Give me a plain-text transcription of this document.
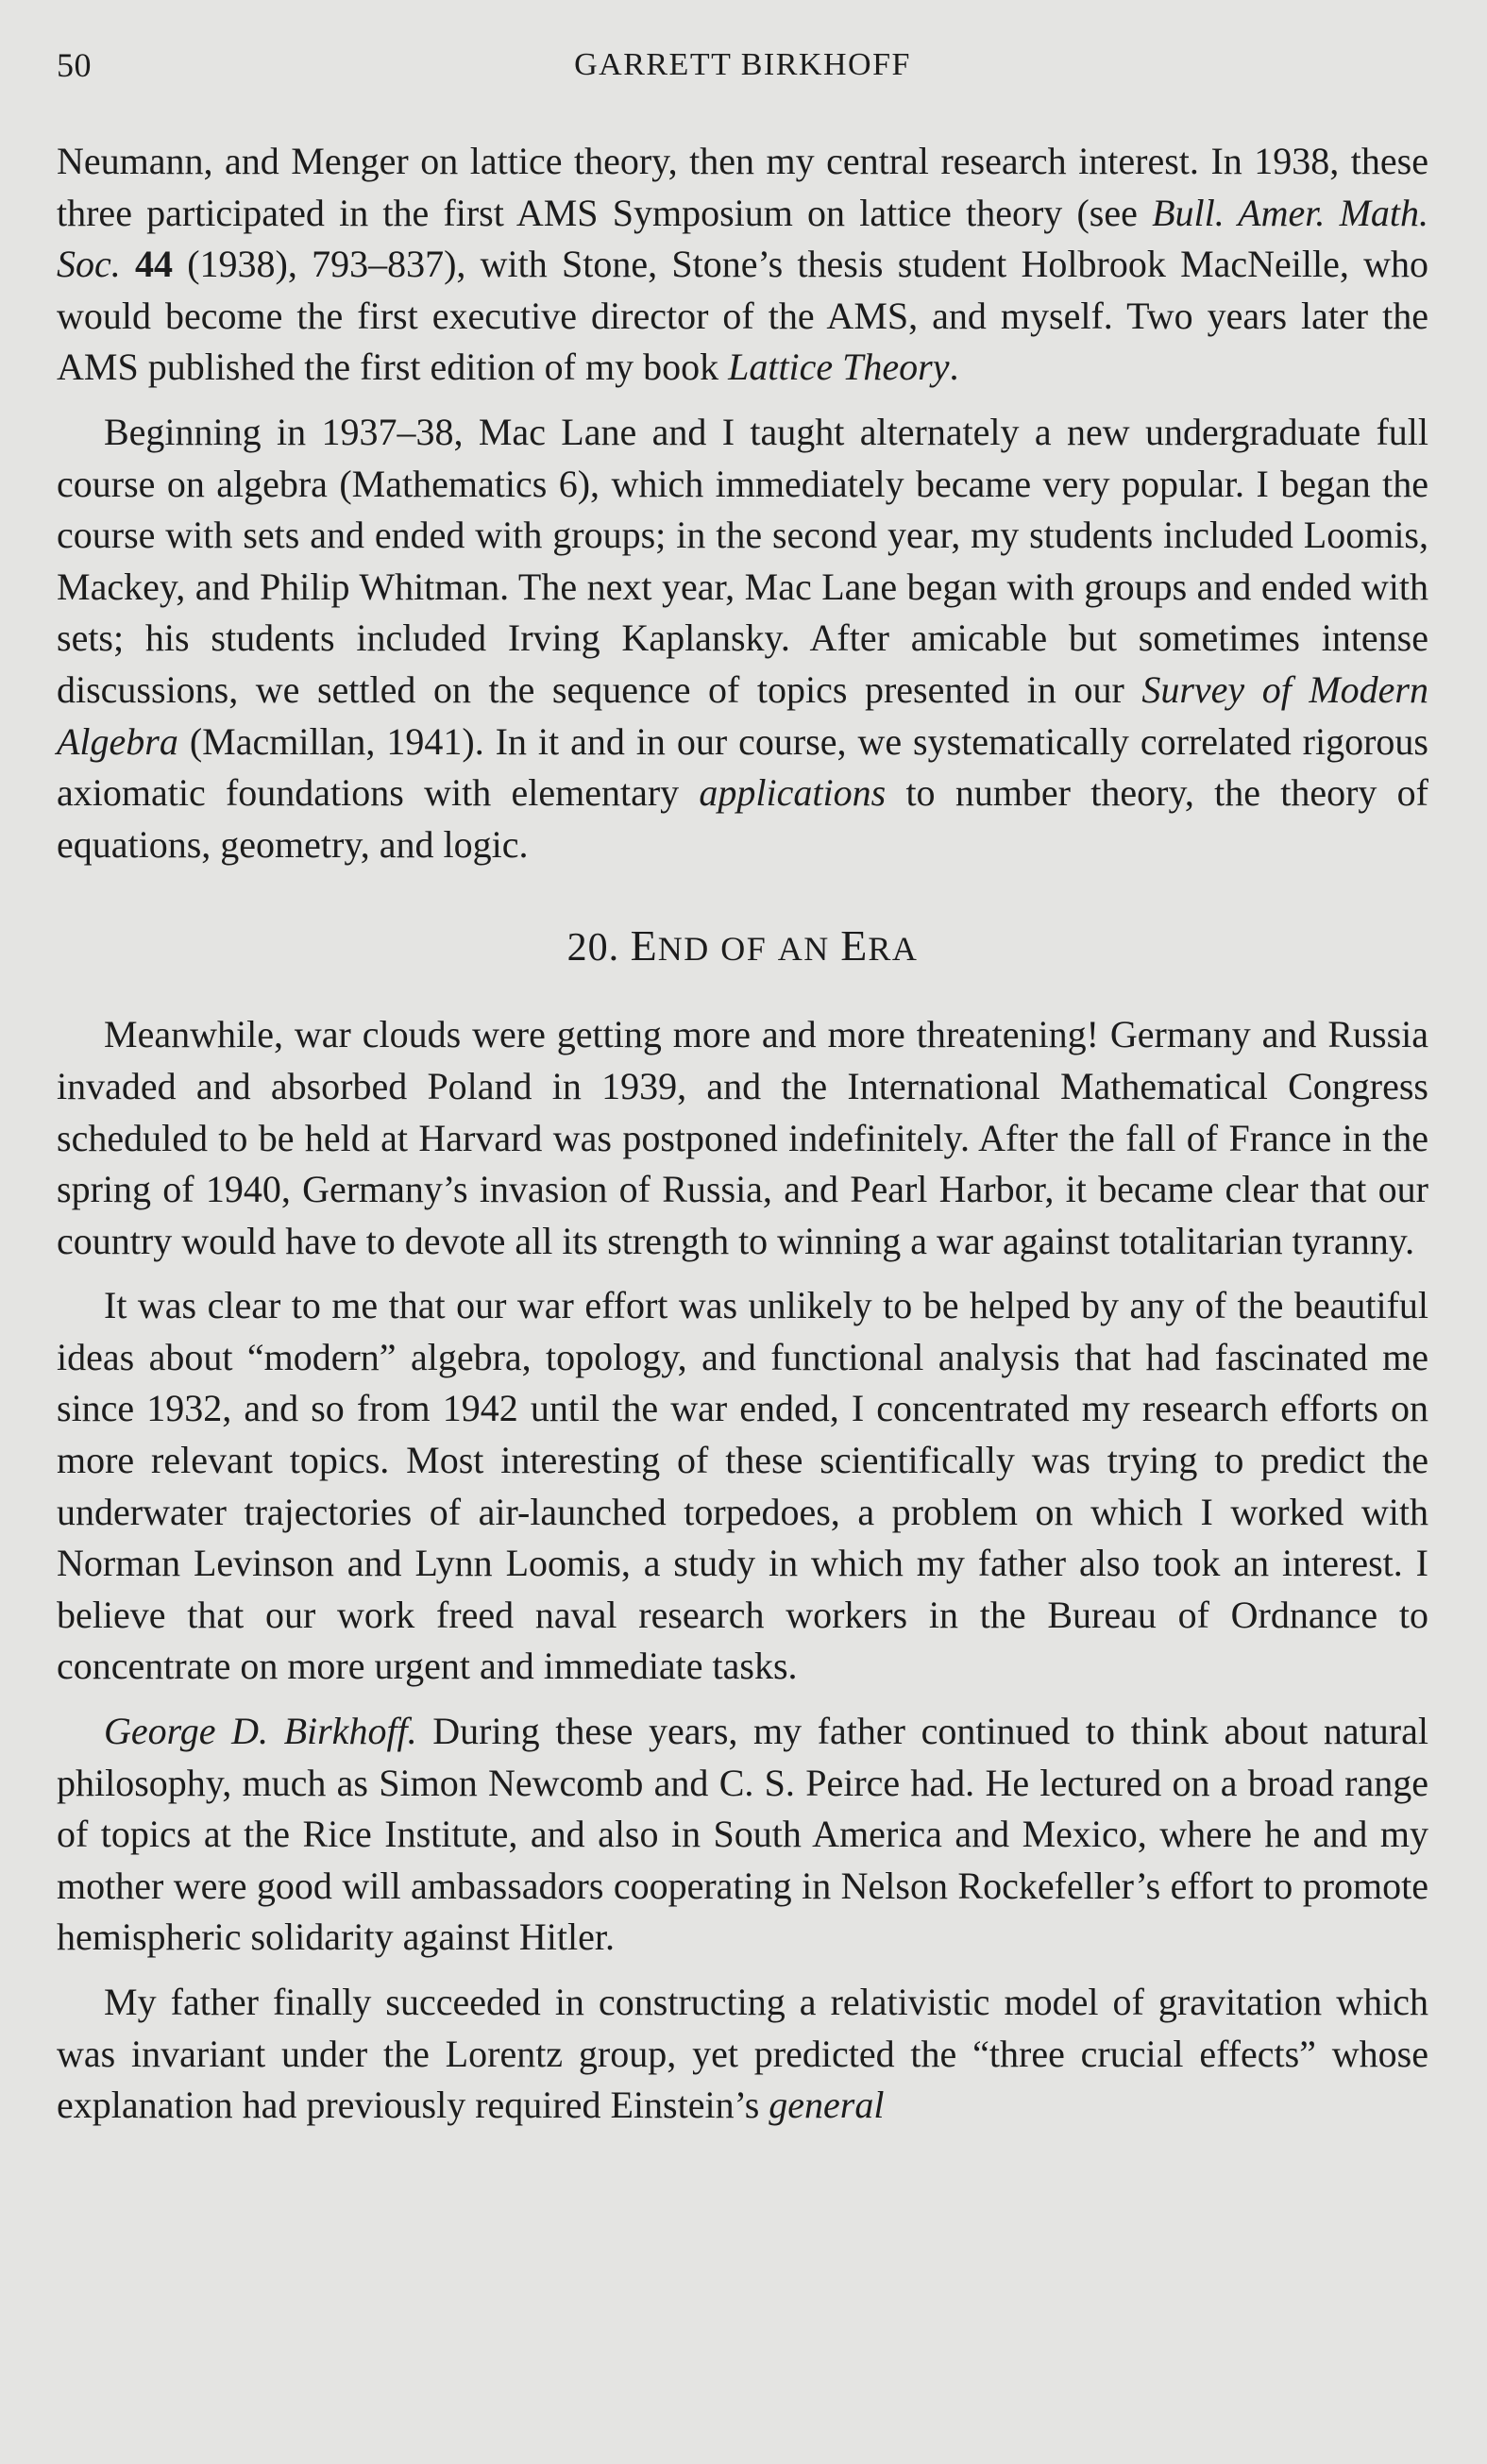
50	GARRETT BIRKHOFF

Neumann, and Menger on lattice theory, then my central research interest. In 1938, these three participated in the first AMS Symposium on lattice theory (see Bull. Amer. Math. Soc. 44 (1938), 793–837), with Stone, Stone’s thesis student Holbrook MacNeille, who would become the first executive director of the AMS, and myself. Two years later the AMS published the first edition of my book Lattice Theory.

Beginning in 1937–38, Mac Lane and I taught alternately a new undergraduate full course on algebra (Mathematics 6), which immediately became very popular. I began the course with sets and ended with groups; in the second year, my students included Loomis, Mackey, and Philip Whitman. The next year, Mac Lane began with groups and ended with sets; his students included Irving Kaplansky. After amicable but sometimes intense discussions, we settled on the sequence of topics presented in our Survey of Modern Algebra (Macmillan, 1941). In it and in our course, we systematically correlated rigorous axiomatic foundations with elementary applications to number theory, the theory of equations, geometry, and logic.

20. END OF AN ERA

Meanwhile, war clouds were getting more and more threatening! Germany and Russia invaded and absorbed Poland in 1939, and the International Mathematical Congress scheduled to be held at Harvard was postponed indefinitely. After the fall of France in the spring of 1940, Germany’s invasion of Russia, and Pearl Harbor, it became clear that our country would have to devote all its strength to winning a war against totalitarian tyranny.

It was clear to me that our war effort was unlikely to be helped by any of the beautiful ideas about “modern” algebra, topology, and functional analysis that had fascinated me since 1932, and so from 1942 until the war ended, I concentrated my research efforts on more relevant topics. Most interesting of these scientifically was trying to predict the underwater trajectories of air-launched torpedoes, a problem on which I worked with Norman Levinson and Lynn Loomis, a study in which my father also took an interest. I believe that our work freed naval research workers in the Bureau of Ordnance to concentrate on more urgent and immediate tasks.

George D. Birkhoff. During these years, my father continued to think about natural philosophy, much as Simon Newcomb and C. S. Peirce had. He lectured on a broad range of topics at the Rice Institute, and also in South America and Mexico, where he and my mother were good will ambassadors cooperating in Nelson Rockefeller’s effort to promote hemispheric solidarity against Hitler.

My father finally succeeded in constructing a relativistic model of gravitation which was invariant under the Lorentz group, yet predicted the “three crucial effects” whose explanation had previously required Einstein’s general
